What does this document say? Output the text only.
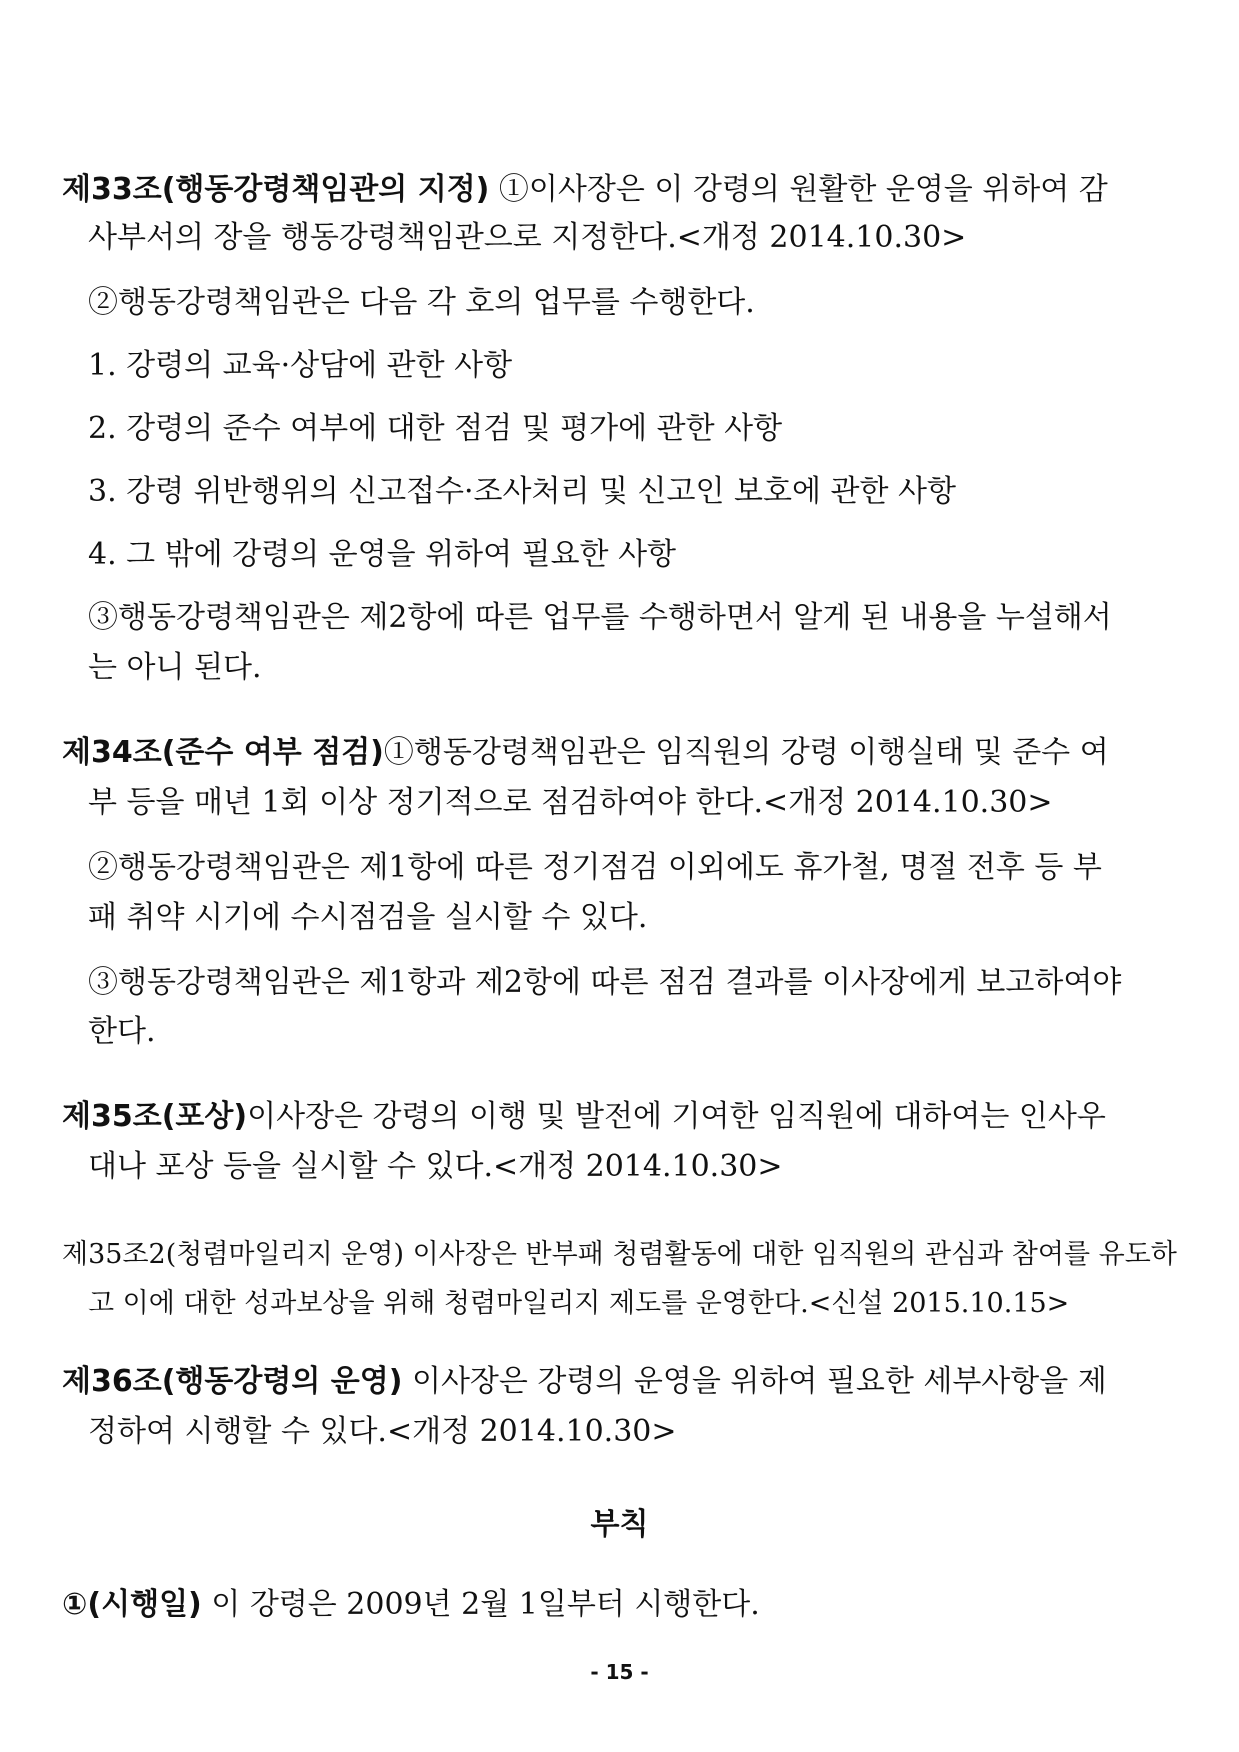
제33조(행동강령책임관의 지정) ①이사장은 이 강령의 원활한 운영을 위하여 감
사부서의 장을 행동강령책임관으로 지정한다.<개정 2014.10.30>
②행동강령책임관은 다음 각 호의 업무를 수행한다.
1. 강령의 교육·상담에 관한 사항
2. 강령의 준수 여부에 대한 점검 및 평가에 관한 사항
3. 강령 위반행위의 신고접수·조사처리 및 신고인 보호에 관한 사항
4. 그 밖에 강령의 운영을 위하여 필요한 사항
③행동강령책임관은 제2항에 따른 업무를 수행하면서 알게 된 내용을 누설해서
는 아니 된다.
제34조(준수 여부 점검)①행동강령책임관은 임직원의 강령 이행실태 및 준수 여
부 등을 매년 1회 이상 정기적으로 점검하여야 한다.<개정 2014.10.30>
②행동강령책임관은 제1항에 따른 정기점검 이외에도 휴가철, 명절 전후 등 부
패 취약 시기에 수시점검을 실시할 수 있다.
③행동강령책임관은 제1항과 제2항에 따른 점검 결과를 이사장에게 보고하여야
한다.
제35조(포상)이사장은 강령의 이행 및 발전에 기여한 임직원에 대하여는 인사우
대나 포상 등을 실시할 수 있다.<개정 2014.10.30>
제35조2(청렴마일리지 운영) 이사장은 반부패 청렴활동에 대한 임직원의 관심과 참여를 유도하
고 이에 대한 성과보상을 위해 청렴마일리지 제도를 운영한다.<신설 2015.10.15>
제36조(행동강령의 운영) 이사장은 강령의 운영을 위하여 필요한 세부사항을 제
정하여 시행할 수 있다.<개정 2014.10.30>
부칙
①(시행일) 이 강령은 2009년 2월 1일부터 시행한다.
- 15 -
